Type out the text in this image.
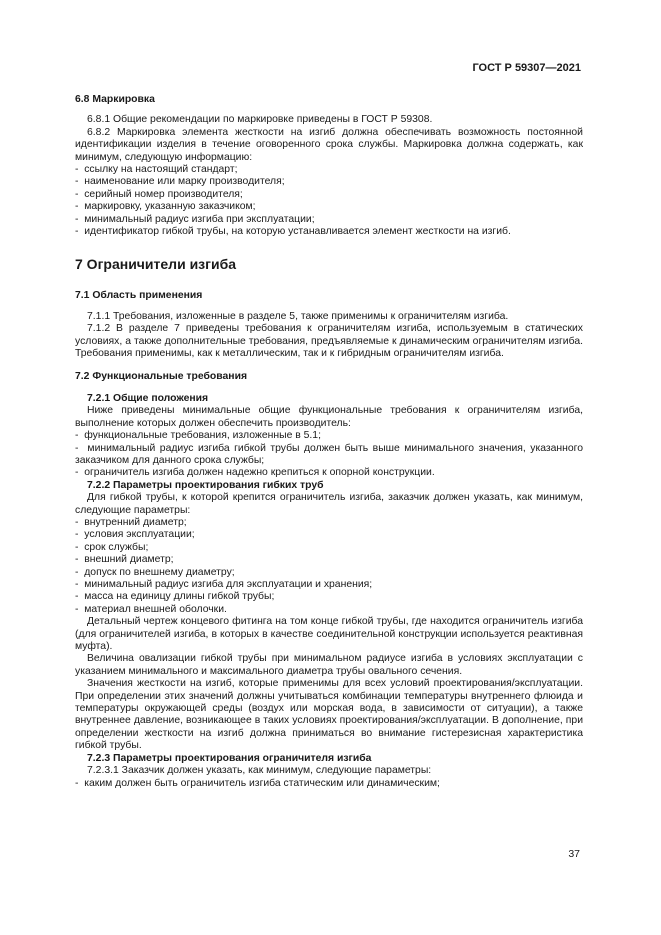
ГОСТ Р 59307—2021

6.8 Маркировка

6.8.1 Общие рекомендации по маркировке приведены в ГОСТ Р 59308.

6.8.2 Маркировка элемента жесткости на изгиб должна обеспечивать возможность постоянной идентификации изделия в течение оговоренного срока службы. Маркировка должна содержать, как минимум, следующую информацию:

-  ссылку на настоящий стандарт;

-  наименование или марку производителя;

-  серийный номер производителя;

-  маркировку, указанную заказчиком;

-  минимальный радиус изгиба при эксплуатации;

-  идентификатор гибкой трубы, на которую устанавливается элемент жесткости на изгиб.

7 Ограничители изгиба

7.1 Область применения

7.1.1 Требования, изложенные в разделе 5, также применимы к ограничителям изгиба.

7.1.2 В разделе 7 приведены требования к ограничителям изгиба, используемым в статических условиях, а также дополнительные требования, предъявляемые к динамическим ограничителям изгиба. Требования применимы, как к металлическим, так и к гибридным ограничителям изгиба.

7.2 Функциональные требования

7.2.1 Общие положения

Ниже приведены минимальные общие функциональные требования к ограничителям изгиба, выполнение которых должен обеспечить производитель:

-  функциональные требования, изложенные в 5.1;

-  минимальный радиус изгиба гибкой трубы должен быть выше минимального значения, указанного заказчиком для данного срока службы;

-  ограничитель изгиба должен надежно крепиться к опорной конструкции.

7.2.2 Параметры проектирования гибких труб

Для гибкой трубы, к которой крепится ограничитель изгиба, заказчик должен указать, как минимум, следующие параметры:

-  внутренний диаметр;

-  условия эксплуатации;

-  срок службы;

-  внешний диаметр;

-  допуск по внешнему диаметру;

-  минимальный радиус изгиба для эксплуатации и хранения;

-  масса на единицу длины гибкой трубы;

-  материал внешней оболочки.

Детальный чертеж концевого фитинга на том конце гибкой трубы, где находится ограничитель изгиба (для ограничителей изгиба, в которых в качестве соединительной конструкции используется реактивная муфта).

Величина овализации гибкой трубы при минимальном радиусе изгиба в условиях эксплуатации с указанием минимального и максимального диаметра трубы овального сечения.

Значения жесткости на изгиб, которые применимы для всех условий проектирования/эксплуатации. При определении этих значений должны учитываться комбинации температуры внутреннего флюида и температуры окружающей среды (воздух или морская вода, в зависимости от ситуации), а также внутреннее давление, возникающее в таких условиях проектирования/эксплуатации. В дополнение, при определении жесткости на изгиб должна приниматься во внимание гистерезисная характеристика гибкой трубы.

7.2.3 Параметры проектирования ограничителя изгиба

7.2.3.1 Заказчик должен указать, как минимум, следующие параметры:

-  каким должен быть ограничитель изгиба статическим или динамическим;

37
